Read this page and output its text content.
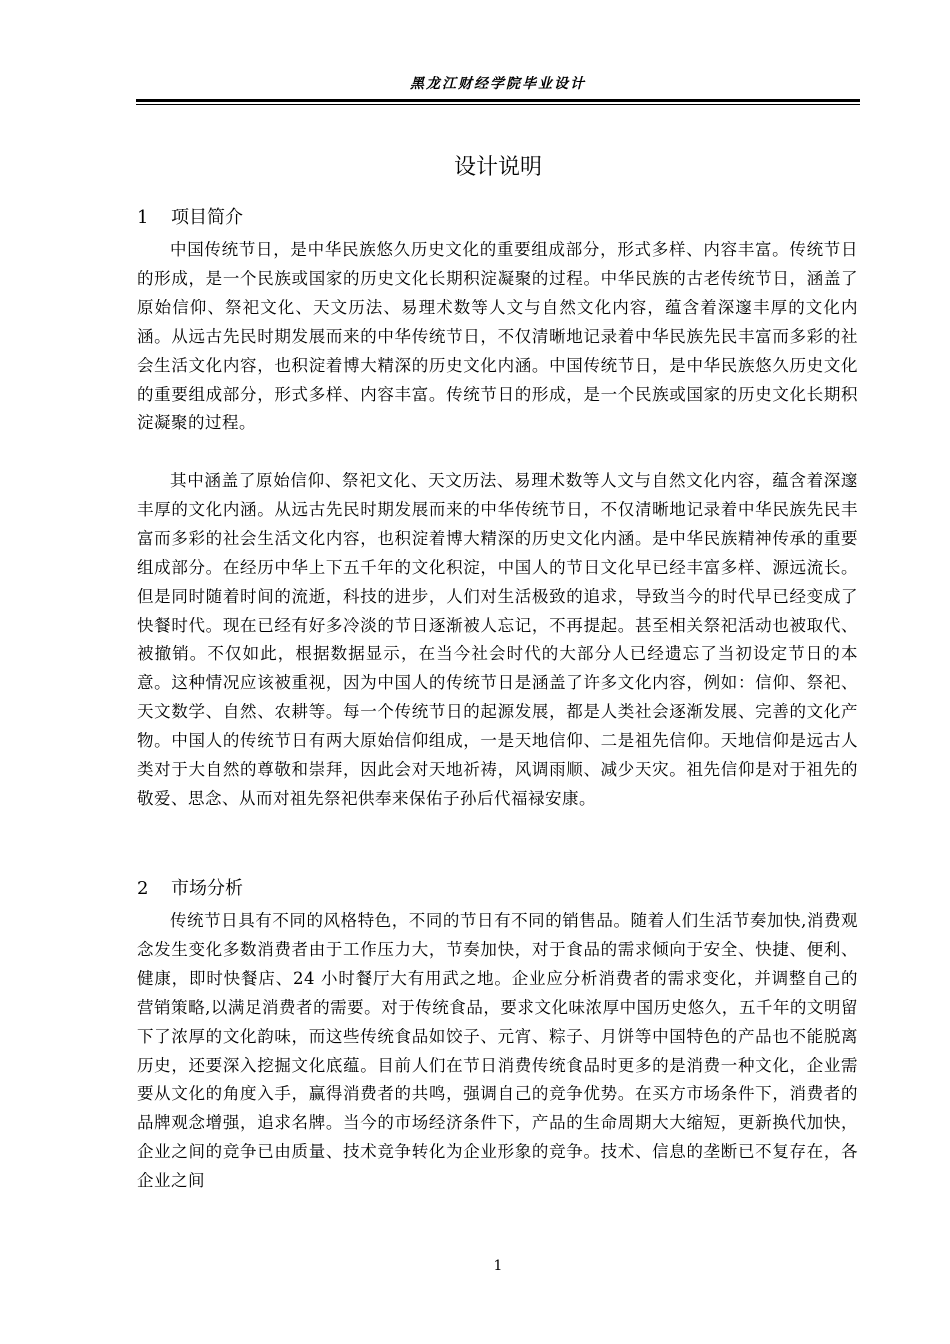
黑龙江财经学院毕业设计
设计说明
1 项目简介

中国传统节日，是中华民族悠久历史文化的重要组成部分，形式多样、内容丰富。传统节日的形成，是一个民族或国家的历史文化长期积淀凝聚的过程。中华民族的古老传统节日，涵盖了原始信仰、祭祀文化、天文历法、易理术数等人文与自然文化内容，蕴含着深邃丰厚的文化内涵。从远古先民时期发展而来的中华传统节日，不仅清晰地记录着中华民族先民丰富而多彩的社会生活文化内容，也积淀着博大精深的历史文化内涵。中国传统节日，是中华民族悠久历史文化的重要组成部分，形式多样、内容丰富。传统节日的形成，是一个民族或国家的历史文化长期积淀凝聚的过程。

其中涵盖了原始信仰、祭祀文化、天文历法、易理术数等人文与自然文化内容，蕴含着深邃丰厚的文化内涵。从远古先民时期发展而来的中华传统节日，不仅清晰地记录着中华民族先民丰富而多彩的社会生活文化内容，也积淀着博大精深的历史文化内涵。是中华民族精神传承的重要组成部分。在经历中华上下五千年的文化积淀，中国人的节日文化早已经丰富多样、源远流长。但是同时随着时间的流逝，科技的进步，人们对生活极致的追求，导致当今的时代早已经变成了快餐时代。现在已经有好多冷淡的节日逐渐被人忘记，不再提起。甚至相关祭祀活动也被取代、被撤销。不仅如此，根据数据显示，在当今社会时代的大部分人已经遗忘了当初设定节日的本意。这种情况应该被重视，因为中国人的传统节日是涵盖了许多文化内容，例如：信仰、祭祀、天文数学、自然、农耕等。每一个传统节日的起源发展，都是人类社会逐渐发展、完善的文化产物。中国人的传统节日有两大原始信仰组成，一是天地信仰、二是祖先信仰。天地信仰是远古人类对于大自然的尊敬和崇拜，因此会对天地祈祷，风调雨顺、减少天灾。祖先信仰是对于祖先的敬爱、思念、从而对祖先祭祀供奉来保佑子孙后代福禄安康。

2 市场分析

传统节日具有不同的风格特色，不同的节日有不同的销售品。随着人们生活节奏加快,消费观念发生变化多数消费者由于工作压力大，节奏加快，对于食品的需求倾向于安全、快捷、便利、健康，即时快餐店、24 小时餐厅大有用武之地。企业应分析消费者的需求变化，并调整自己的营销策略,以满足消费者的需要。对于传统食品，要求文化味浓厚中国历史悠久，五千年的文明留下了浓厚的文化韵味，而这些传统食品如饺子、元宵、粽子、月饼等中国特色的产品也不能脱离历史，还要深入挖掘文化底蕴。目前人们在节日消费传统食品时更多的是消费一种文化，企业需要从文化的角度入手，赢得消费者的共鸣，强调自己的竞争优势。在买方市场条件下，消费者的品牌观念增强，追求名牌。当今的市场经济条件下，产品的生命周期大大缩短，更新换代加快，企业之间的竞争已由质量、技术竞争转化为企业形象的竞争。技术、信息的垄断已不复存在，各企业之间

1
